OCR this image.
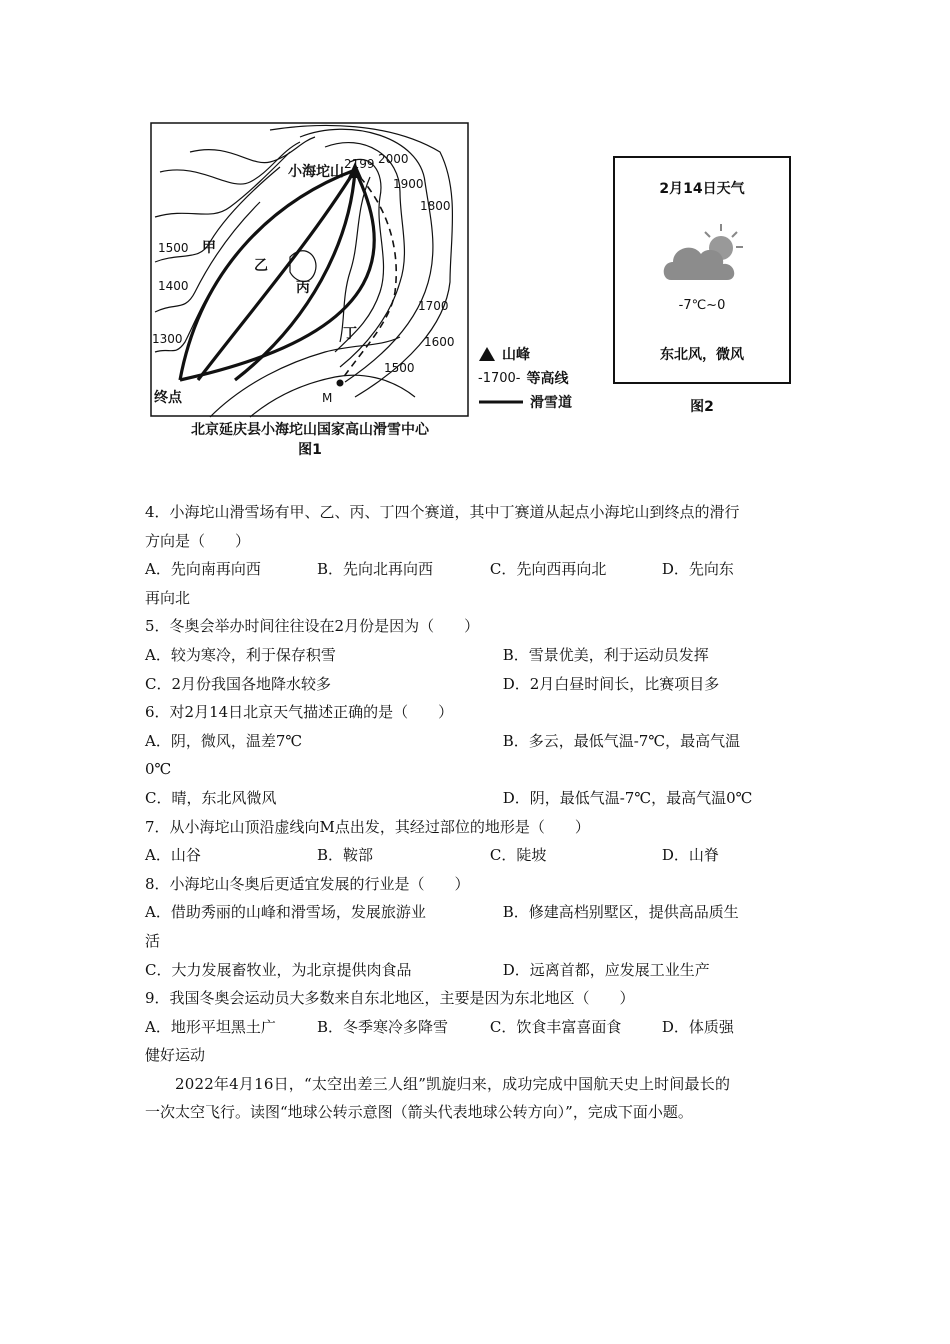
小海坨山 2199 2000
1900
1800
1700
1600
1500
1500
1400
1300
甲
乙
丙
丁
M
终点
北京延庆县小海坨山国家高山滑雪中心
图1
山峰
-1700- 等高线
滑雪道
2月14日天气
-7℃~0
东北风，微风
图2
4．小海坨山滑雪场有甲、乙、丙、丁四个赛道，其中丁赛道从起点小海坨山到终点的滑行
方向是（　　）
A．先向南再向西	B．先向北再向西	C．先向西再向北	D．先向东
再向北
5．冬奥会举办时间往往设在2月份是因为（　　）
A．较为寒冷，利于保存积雪	B．雪景优美，利于运动员发挥
C．2月份我国各地降水较多	D．2月白昼时间长，比赛项目多
6．对2月14日北京天气描述正确的是（　　）
A．阴，微风，温差7℃	B．多云，最低气温-7℃，最高气温
0℃
C．晴，东北风微风	D．阴，最低气温-7℃，最高气温0℃
7．从小海坨山顶沿虚线向M点出发，其经过部位的地形是（　　）
A．山谷	B．鞍部	C．陡坡	D．山脊
8．小海坨山冬奥后更适宜发展的行业是（　　）
A．借助秀丽的山峰和滑雪场，发展旅游业	B．修建高档别墅区，提供高品质生
活
C．大力发展畜牧业，为北京提供肉食品	D．远离首都，应发展工业生产
9．我国冬奥会运动员大多数来自东北地区，主要是因为东北地区（　　）
A．地形平坦黑土广	B．冬季寒冷多降雪	C．饮食丰富喜面食	D．体质强
健好运动
2022年4月16日，“太空出差三人组”凯旋归来，成功完成中国航天史上时间最长的
一次太空飞行。读图“地球公转示意图（箭头代表地球公转方向）”，完成下面小题。
